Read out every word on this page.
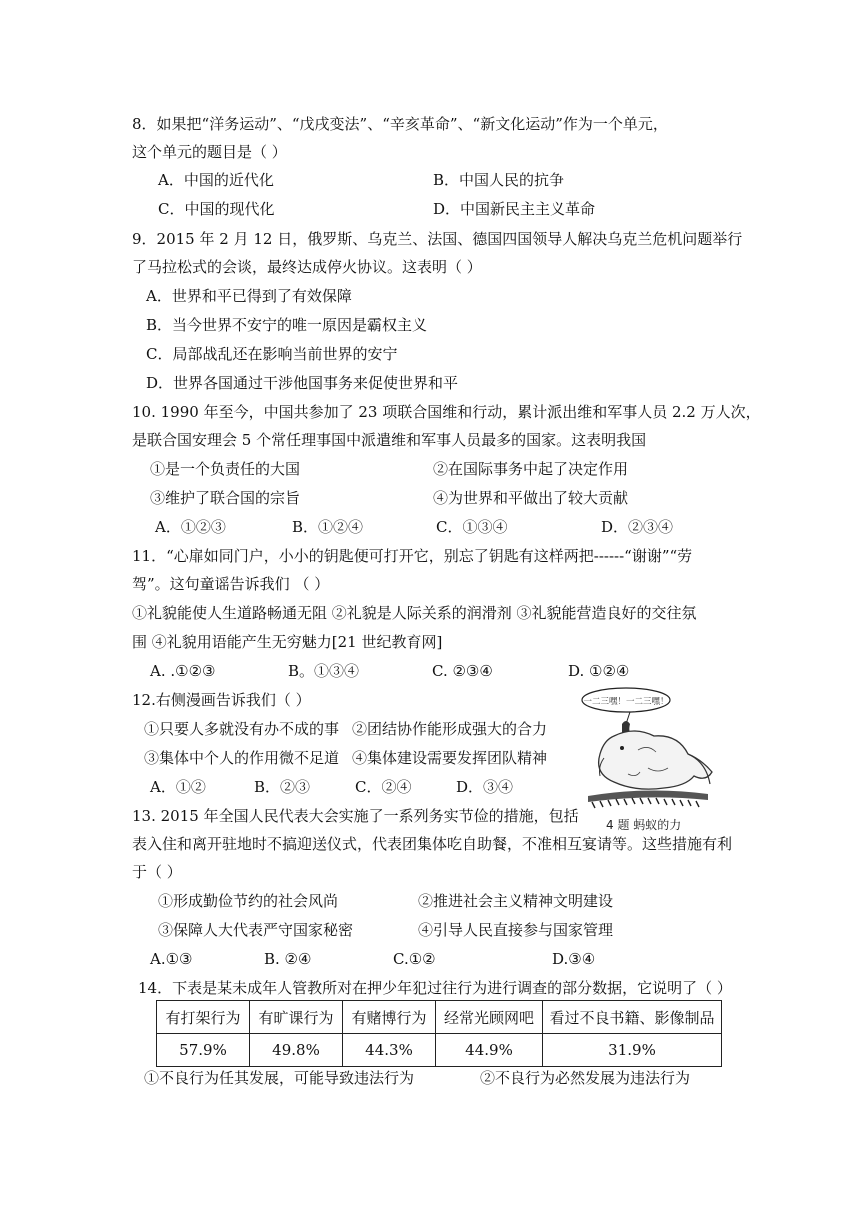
8．如果把“洋务运动”、“戊戌变法”、“辛亥革命”、“新文化运动”作为一个单元，
这个单元的题目是（ ）
A．中国的近代化	B．中国人民的抗争
C．中国的现代化	D．中国新民主主义革命
9．2015 年 2 月 12 日，俄罗斯、乌克兰、法国、德国四国领导人解决乌克兰危机问题举行
了马拉松式的会谈，最终达成停火协议。这表明（ ）
A．世界和平已得到了有效保障
B．当今世界不安宁的唯一原因是霸权主义
C．局部战乱还在影响当前世界的安宁
D．世界各国通过干涉他国事务来促使世界和平
10. 1990 年至今，中国共参加了 23 项联合国维和行动，累计派出维和军事人员 2.2 万人次，
是联合国安理会 5 个常任理事国中派遣维和军事人员最多的国家。这表明我国
①是一个负责任的大国	②在国际事务中起了决定作用
③维护了联合国的宗旨	④为世界和平做出了较大贡献
A．①②③	B．①②④	C．①③④	D．②③④
11．“心扉如同门户，小小的钥匙便可打开它，别忘了钥匙有这样两把------“谢谢”“劳
驾”。这句童谣告诉我们 （ ）
①礼貌能使人生道路畅通无阻 ②礼貌是人际关系的润滑剂 ③礼貌能营造良好的交往氛
围 ④礼貌用语能产生无穷魅力[21 世纪教育网]
A. .①②③	B。①③④	C. ②③④	D. ①②④
12.右侧漫画告诉我们（ ）
①只要人多就没有办不成的事 ②团结协作能形成强大的合力
③集体中个人的作用微不足道 ④集体建设需要发挥团队精神
A．①②	B．②③	C．②④	D．③④
一二三嘿！一二三嘿！
4 题 蚂蚁的力
13. 2015 年全国人民代表大会实施了一系列务实节俭的措施，包括
表入住和离开驻地时不搞迎送仪式，代表团集体吃自助餐，不准相互宴请等。这些措施有利
于（ ）
①形成勤俭节约的社会风尚	②推进社会主义精神文明建设
③保障人大代表严守国家秘密	④引导人民直接参与国家管理
A.①③	B. ②④	C.①②	D.③④
14．下表是某未成年人管教所对在押少年犯过往行为进行调查的部分数据，它说明了（ ）
有打架行为	有旷课行为	有赌博行为	经常光顾网吧	看过不良书籍、影像制品
57.9%	49.8%	44.3%	44.9%	31.9%
①不良行为任其发展，可能导致违法行为	②不良行为必然发展为违法行为
